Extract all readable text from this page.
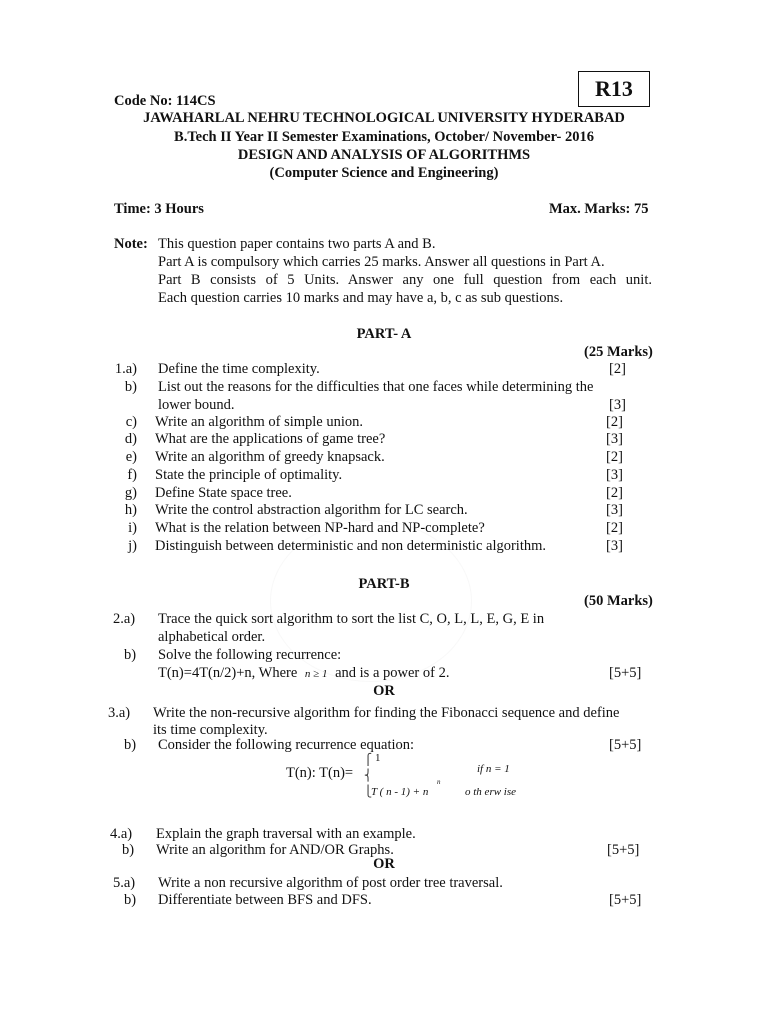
R13
Code No: 114CS
JAWAHARLAL NEHRU TECHNOLOGICAL UNIVERSITY HYDERABAD
B.Tech II Year II Semester Examinations, October/ November- 2016
DESIGN AND ANALYSIS OF ALGORITHMS
(Computer Science and Engineering)
Time: 3 Hours	Max. Marks: 75
Note: This question paper contains two parts A and B.
Part A is compulsory which carries 25 marks. Answer all questions in Part A.
Part B consists of 5 Units. Answer any one full question from each unit.
Each question carries 10 marks and may have a, b, c as sub questions.
PART- A
(25 Marks)
1.a) Define the time complexity.	[2]
b) List out the reasons for the difficulties that one faces while determining the
lower bound.	[3]
c) Write an algorithm of simple union.	[2]
d) What are the applications of game tree?	[3]
e) Write an algorithm of greedy knapsack.	[2]
f) State the principle of optimality.	[3]
g) Define State space tree.	[2]
h) Write the control abstraction algorithm for LC search.	[3]
i) What is the relation between NP-hard and NP-complete?	[2]
j) Distinguish between deterministic and non deterministic algorithm.	[3]
PART-B
(50 Marks)
2.a) Trace the quick sort algorithm to sort the list C, O, L, L, E, G, E in
alphabetical order.
b) Solve the following recurrence:
T(n)=4T(n/2)+n, Where n ≥ 1 and is a power of 2.	[5+5]
OR
3.a) Write the non-recursive algorithm for finding the Fibonacci sequence and define
its time complexity.
b) Consider the following recurrence equation:	[5+5]
T(n): T(n)=
⎧
⎨
⎩
1
if n = 1
T ( n - 1) + n
n
o th erw ise
4.a) Explain the graph traversal with an example.
b) Write an algorithm for AND/OR Graphs.	[5+5]
OR
5.a) Write a non recursive algorithm of post order tree traversal.
b) Differentiate between BFS and DFS.	[5+5]
